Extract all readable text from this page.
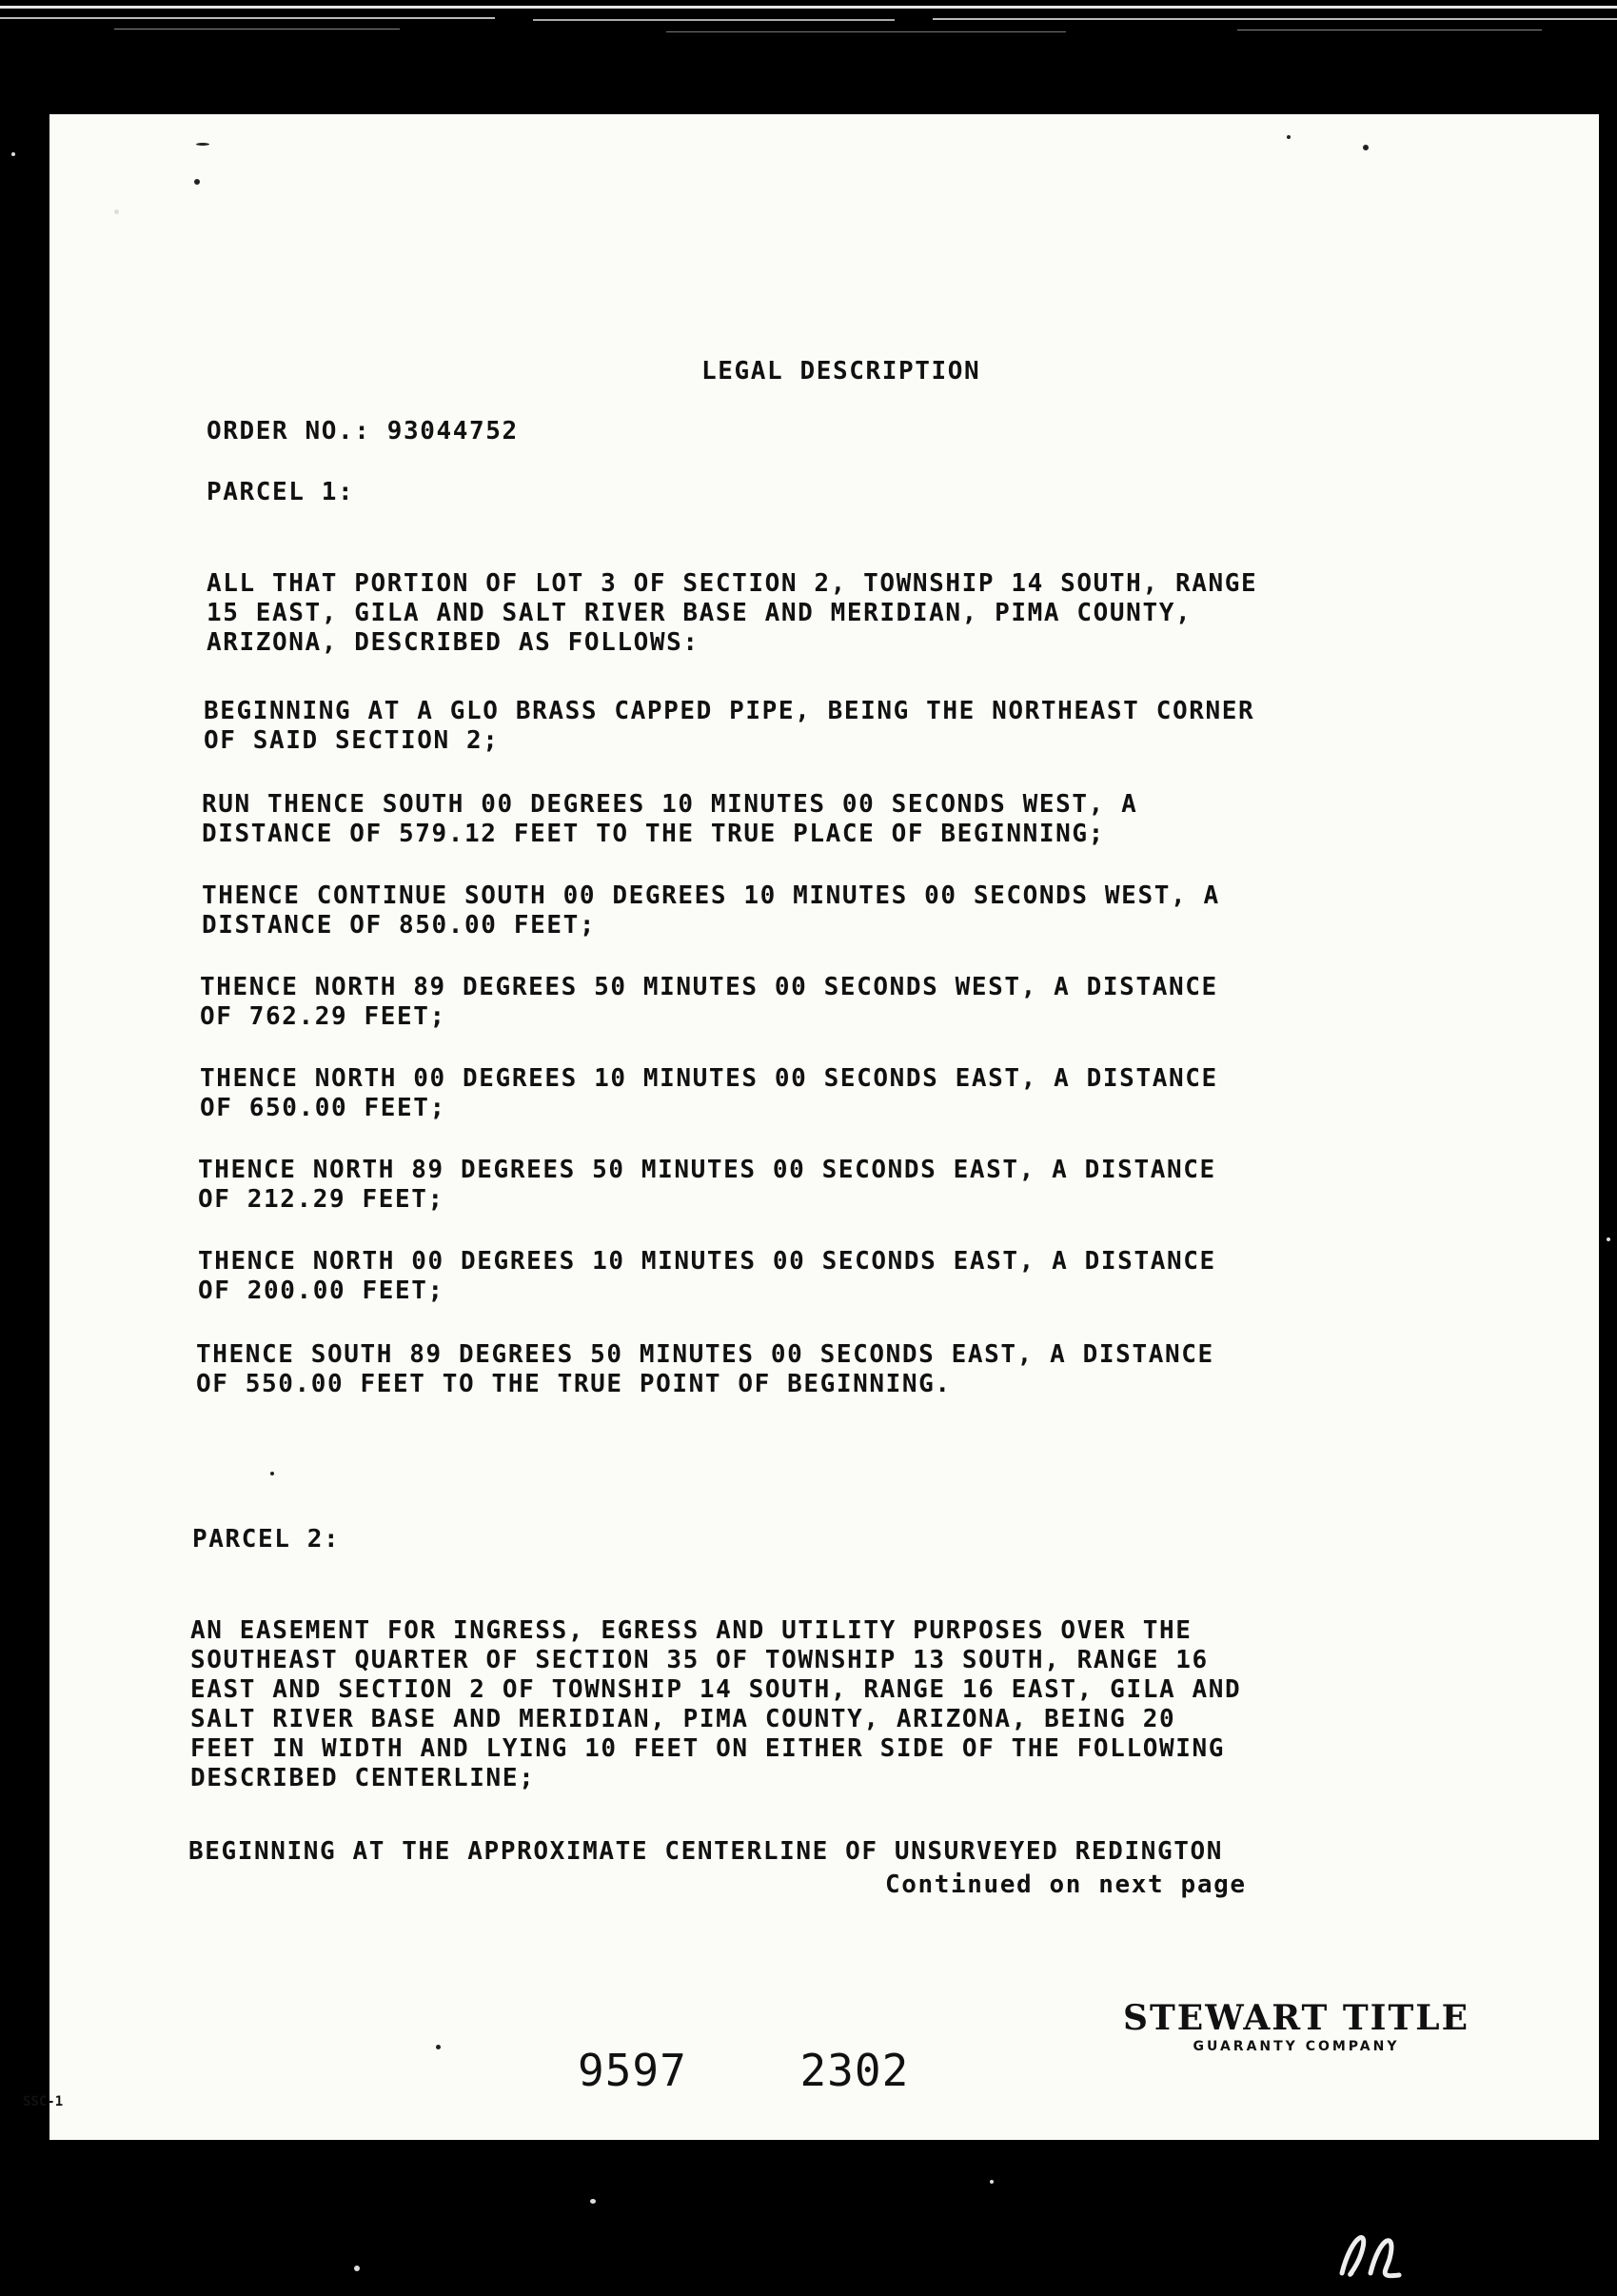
LEGAL DESCRIPTION

ORDER NO.: 93044752

PARCEL 1:

ALL THAT PORTION OF LOT 3 OF SECTION 2, TOWNSHIP 14 SOUTH, RANGE
15 EAST, GILA AND SALT RIVER BASE AND MERIDIAN, PIMA COUNTY,
ARIZONA, DESCRIBED AS FOLLOWS:

BEGINNING AT A GLO BRASS CAPPED PIPE, BEING THE NORTHEAST CORNER
OF SAID SECTION 2;

RUN THENCE SOUTH 00 DEGREES 10 MINUTES 00 SECONDS WEST, A
DISTANCE OF 579.12 FEET TO THE TRUE PLACE OF BEGINNING;

THENCE CONTINUE SOUTH 00 DEGREES 10 MINUTES 00 SECONDS WEST, A
DISTANCE OF 850.00 FEET;

THENCE NORTH 89 DEGREES 50 MINUTES 00 SECONDS WEST, A DISTANCE
OF 762.29 FEET;

THENCE NORTH 00 DEGREES 10 MINUTES 00 SECONDS EAST, A DISTANCE
OF 650.00 FEET;

THENCE NORTH 89 DEGREES 50 MINUTES 00 SECONDS EAST, A DISTANCE
OF 212.29 FEET;

THENCE NORTH 00 DEGREES 10 MINUTES 00 SECONDS EAST, A DISTANCE
OF 200.00 FEET;

THENCE SOUTH 89 DEGREES 50 MINUTES 00 SECONDS EAST, A DISTANCE
OF 550.00 FEET TO THE TRUE POINT OF BEGINNING.

PARCEL 2:

AN EASEMENT FOR INGRESS, EGRESS AND UTILITY PURPOSES OVER THE
SOUTHEAST QUARTER OF SECTION 35 OF TOWNSHIP 13 SOUTH, RANGE 16
EAST AND SECTION 2 OF TOWNSHIP 14 SOUTH, RANGE 16 EAST, GILA AND
SALT RIVER BASE AND MERIDIAN, PIMA COUNTY, ARIZONA, BEING 20
FEET IN WIDTH AND LYING 10 FEET ON EITHER SIDE OF THE FOLLOWING
DESCRIBED CENTERLINE;

BEGINNING AT THE APPROXIMATE CENTERLINE OF UNSURVEYED REDINGTON

Continued on next page

9597	2302
STEWART TITLE
GUARANTY COMPANY
SSC-1
